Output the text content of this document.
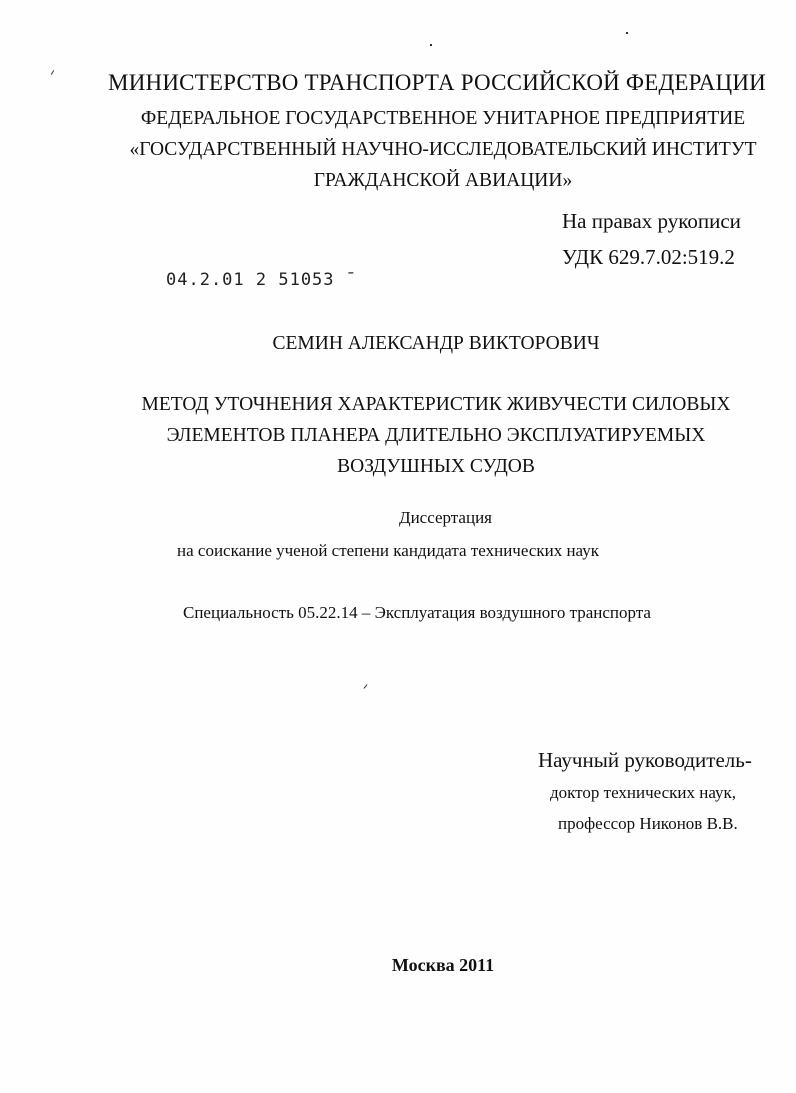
МИНИСТЕРСТВО ТРАНСПОРТА РОССИЙСКОЙ ФЕДЕРАЦИИ
ФЕДЕРАЛЬНОЕ ГОСУДАРСТВЕННОЕ УНИТАРНОЕ ПРЕДПРИЯТИЕ
«ГОСУДАРСТВЕННЫЙ НАУЧНО-ИССЛЕДОВАТЕЛЬСКИЙ ИНСТИТУТ
ГРАЖДАНСКОЙ АВИАЦИИ»
На правах рукописи
УДК 629.7.02:519.2
04.2.01 2 51053 ˉ
СЕМИН АЛЕКСАНДР ВИКТОРОВИЧ
МЕТОД УТОЧНЕНИЯ ХАРАКТЕРИСТИК ЖИВУЧЕСТИ СИЛОВЫХ
ЭЛЕМЕНТОВ ПЛАНЕРА ДЛИТЕЛЬНО ЭКСПЛУАТИРУЕМЫХ
ВОЗДУШНЫХ СУДОВ
Диссертация
на соискание ученой степени кандидата технических наук
Специальность 05.22.14 – Эксплуатация воздушного транспорта
Научный руководитель-
доктор технических наук,
профессор Никонов В.В.
Москва 2011
